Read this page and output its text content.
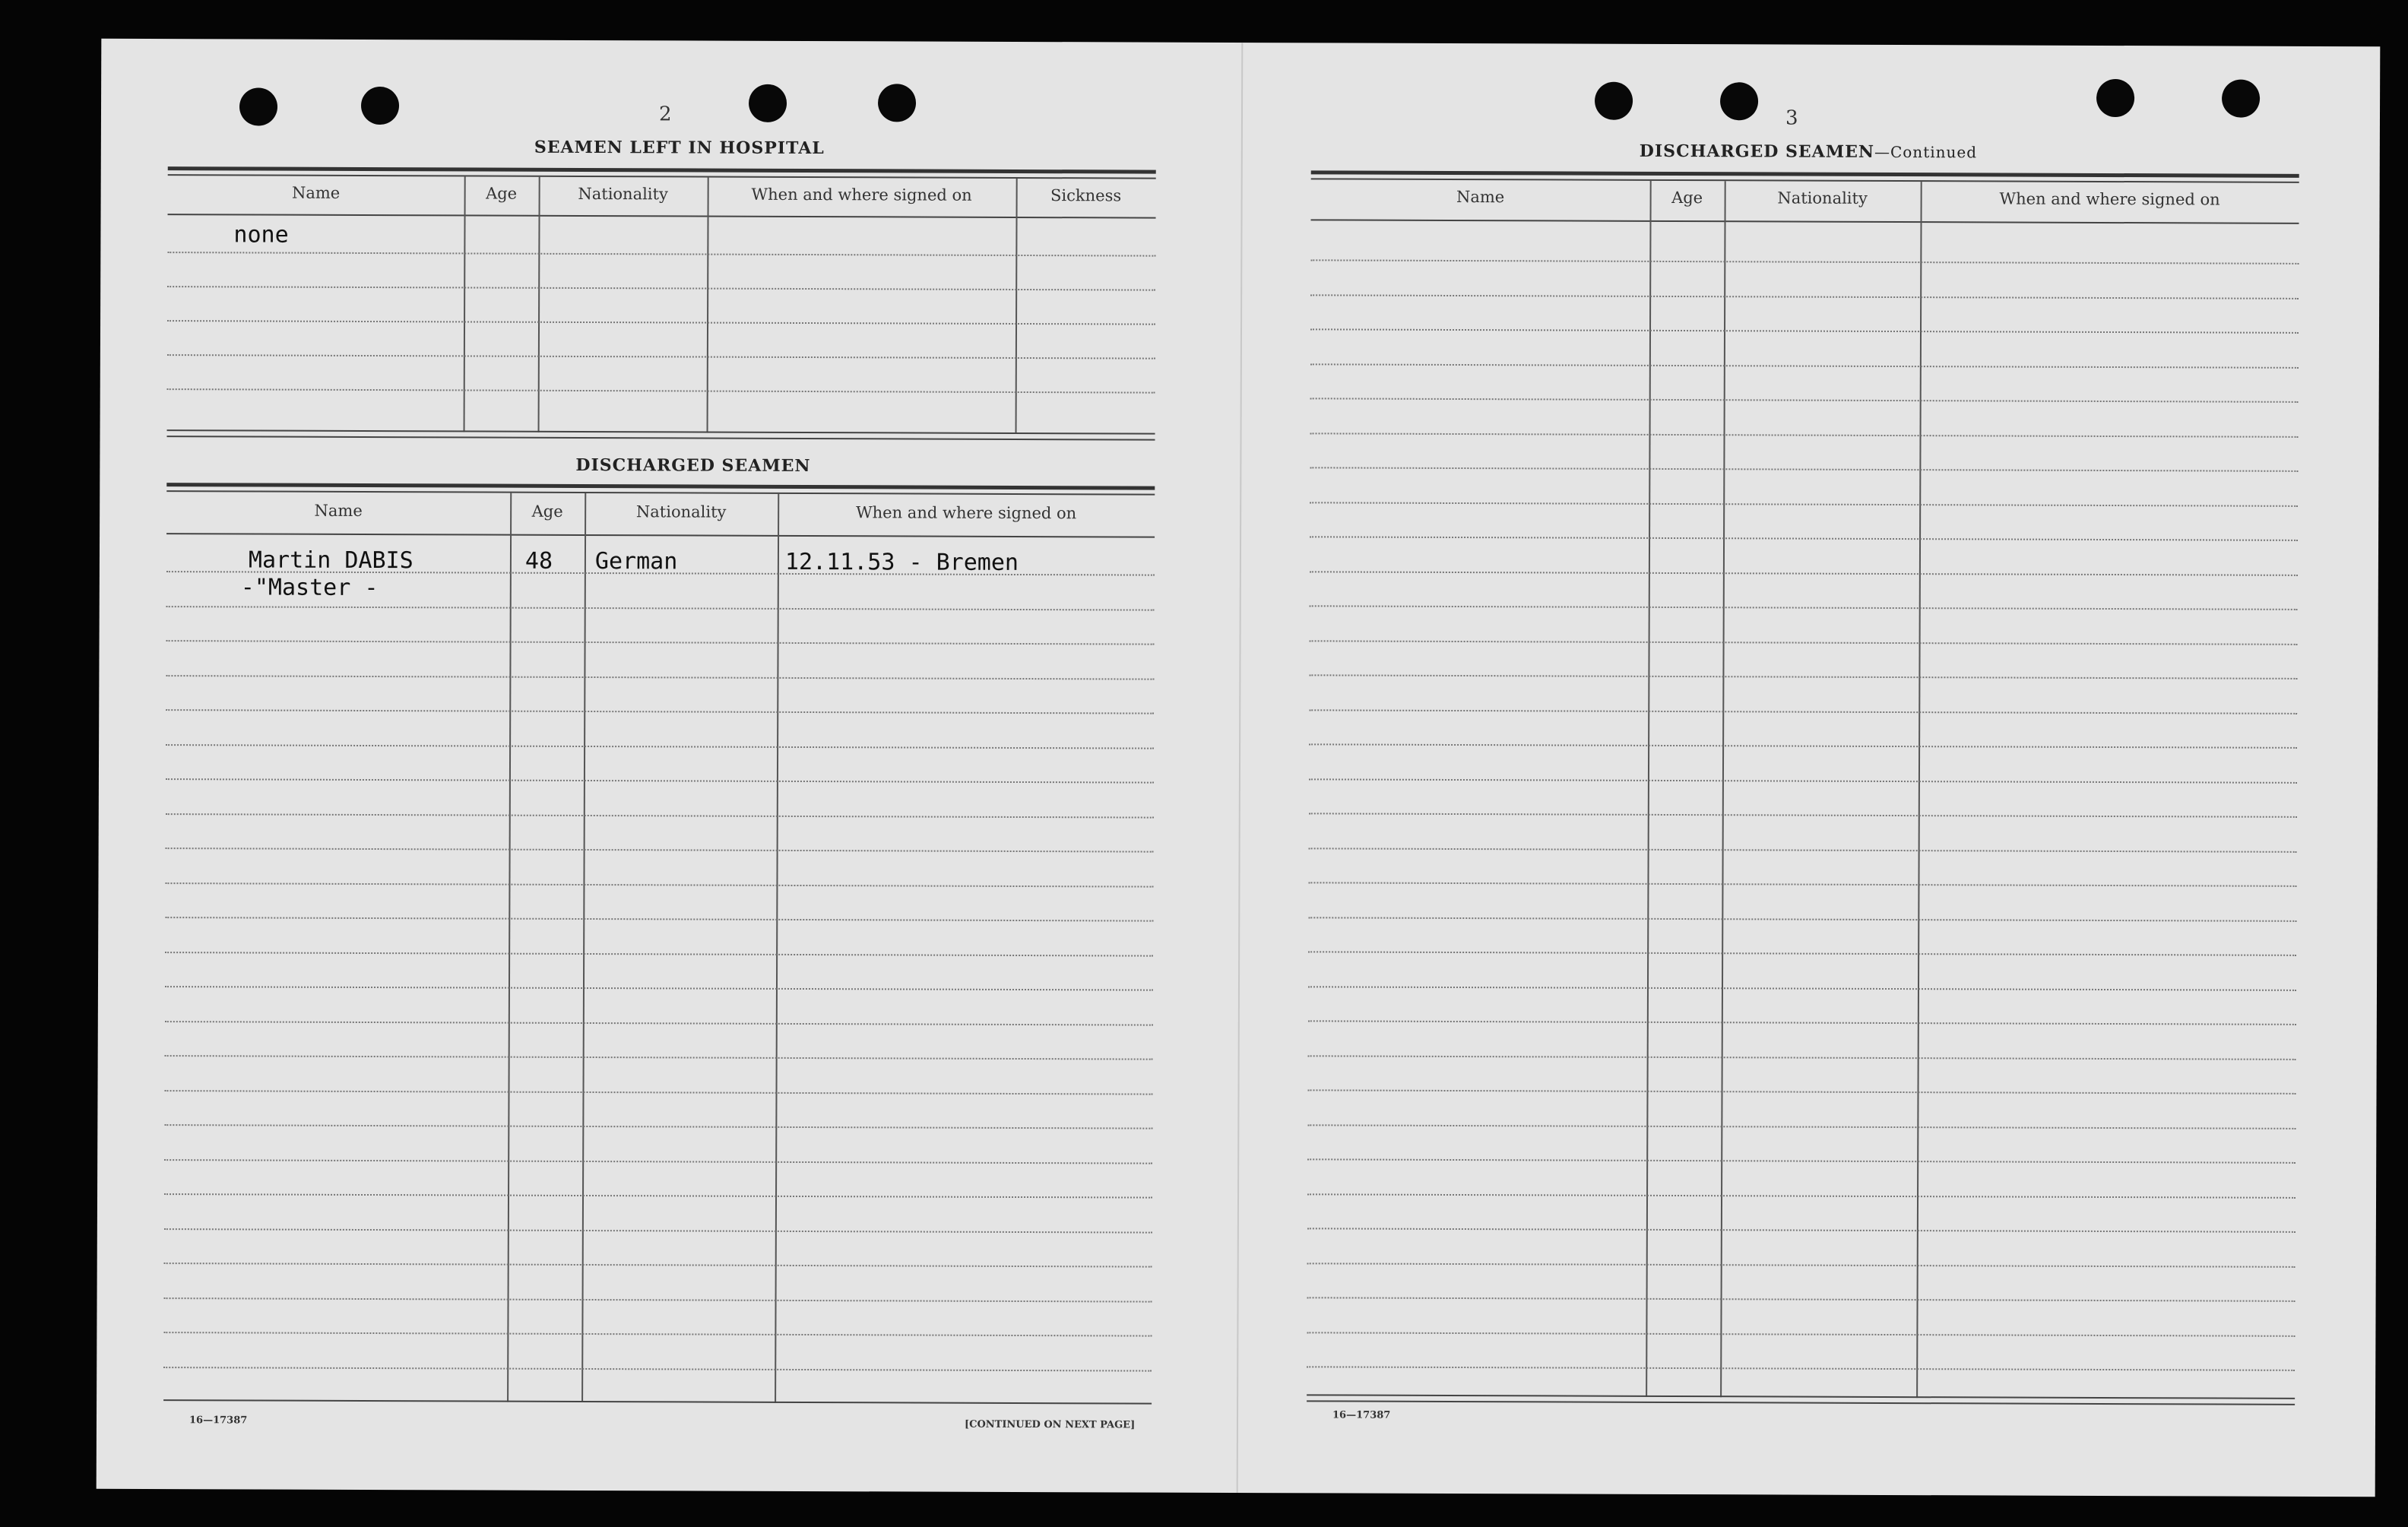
2
SEAMEN LEFT IN HOSPITAL
Name	Age	Nationality	When and where signed on	Sickness
none
DISCHARGED SEAMEN
Name	Age	Nationality	When and where signed on
Martin DABIS
-"Master -
48 German	12.11.53 - Bremen
16—17387	[CONTINUED ON NEXT PAGE]
3
DISCHARGED SEAMEN—Continued
Name	Age	Nationality	When and where signed on
16—17387
